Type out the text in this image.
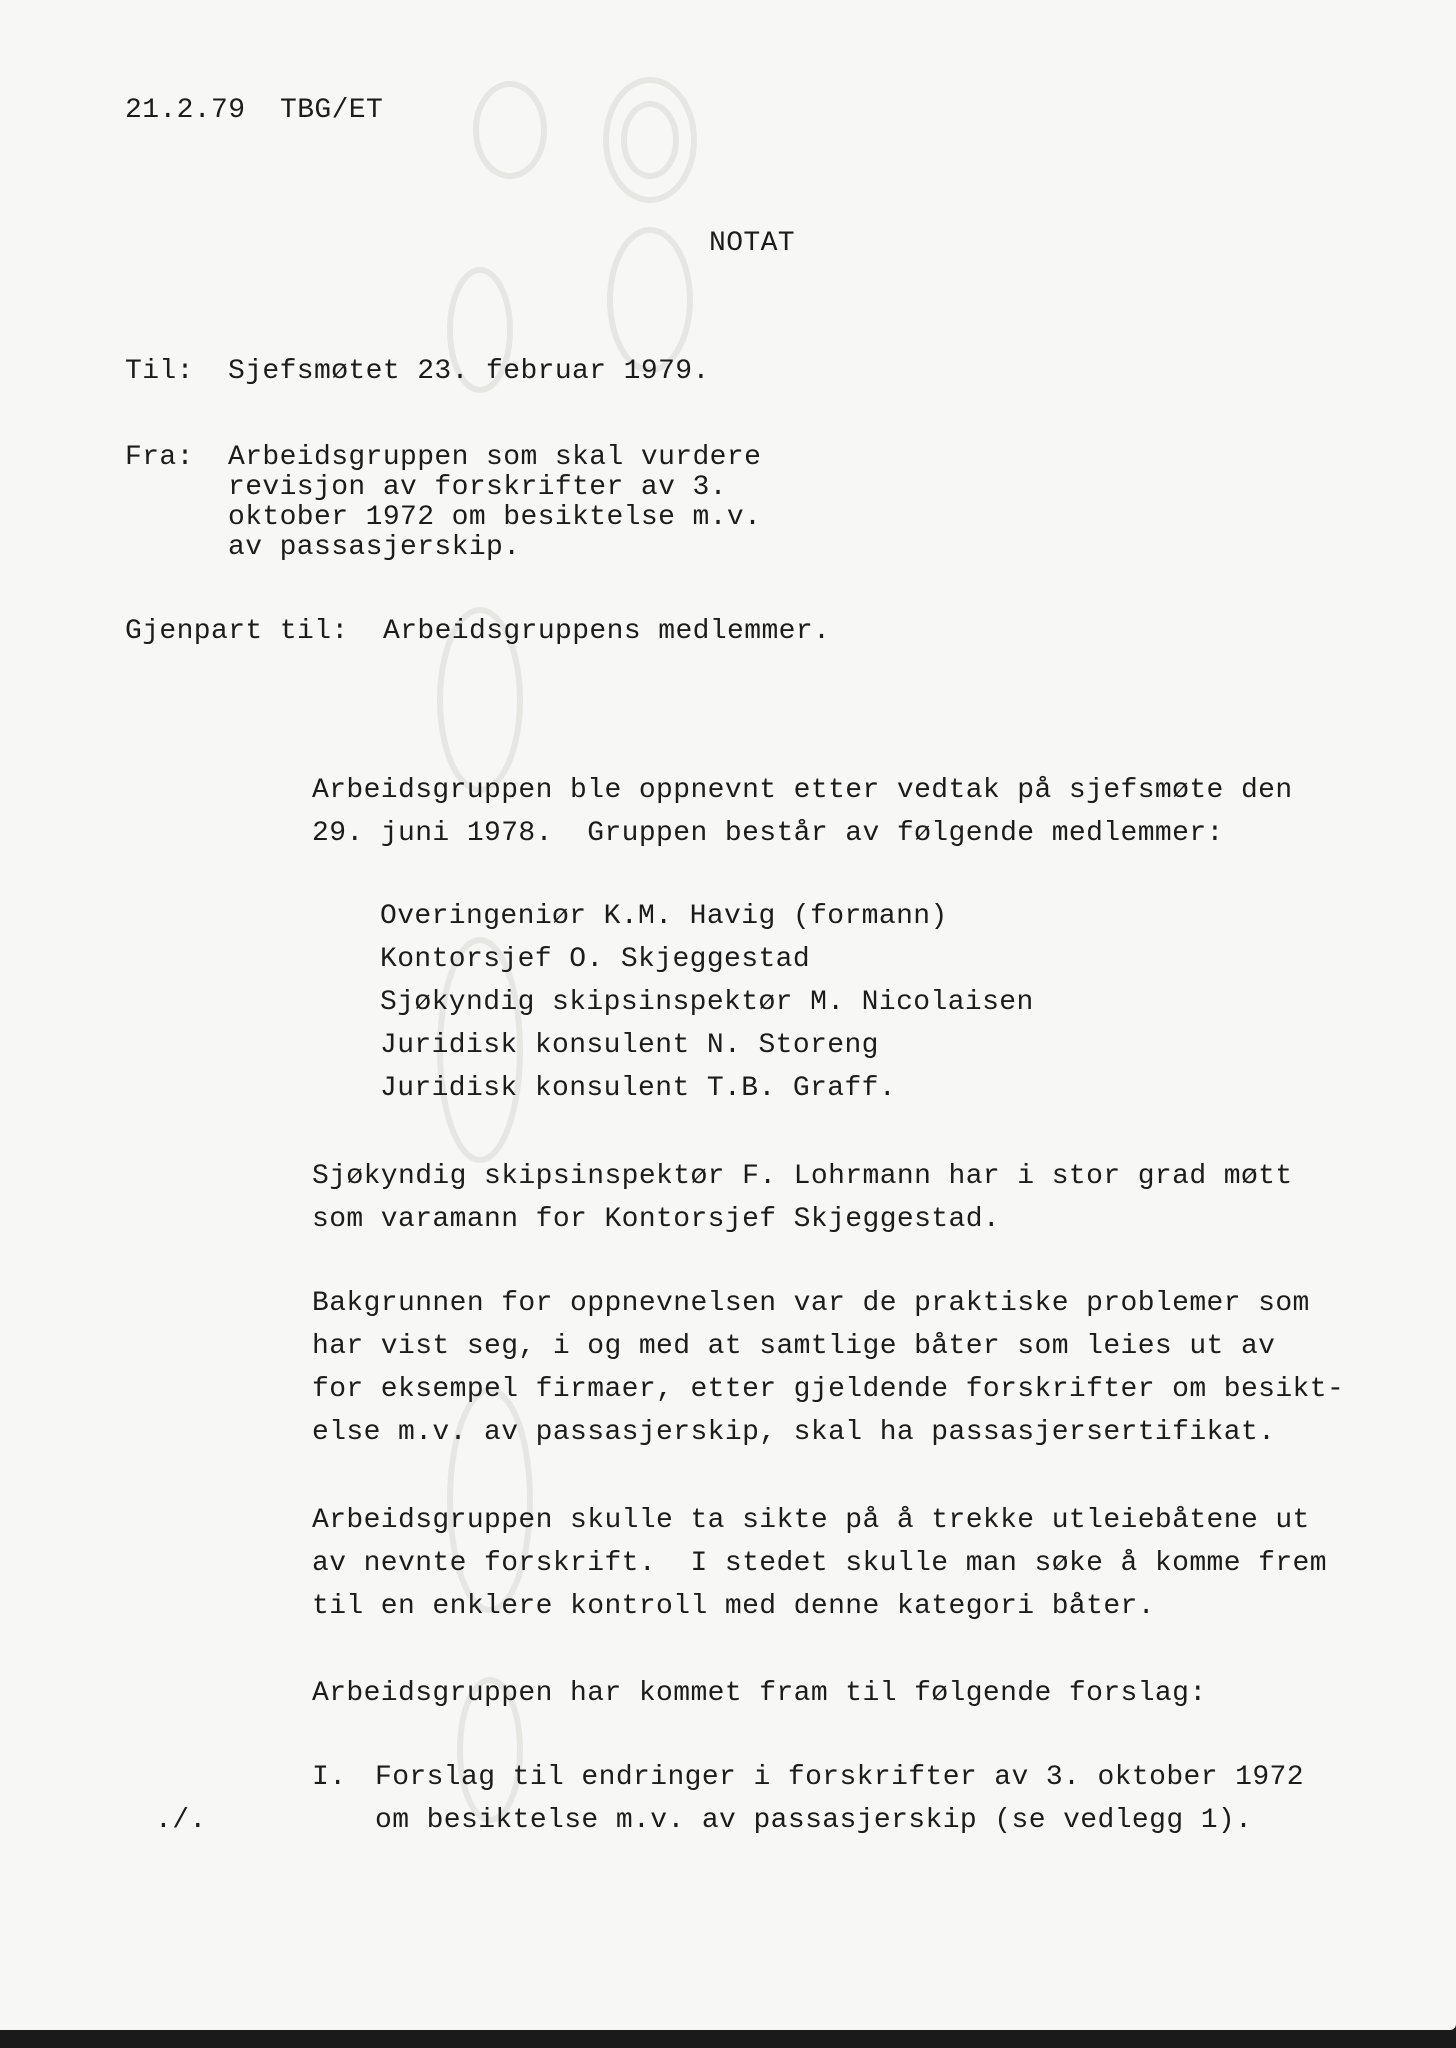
21.2.79 TBG/ET
NOTAT
Til: Sjefsmøtet 23. februar 1979.
Fra: Arbeidsgruppen som skal vurdere
revisjon av forskrifter av 3.
oktober 1972 om besiktelse m.v.
av passasjerskip.
Gjenpart til: Arbeidsgruppens medlemmer.
Arbeidsgruppen ble oppnevnt etter vedtak på sjefsmøte den
29. juni 1978.  Gruppen består av følgende medlemmer:
Overingeniør K.M. Havig (formann)
Kontorsjef O. Skjeggestad
Sjøkyndig skipsinspektør M. Nicolaisen
Juridisk konsulent N. Storeng
Juridisk konsulent T.B. Graff.
Sjøkyndig skipsinspektør F. Lohrmann har i stor grad møtt
som varamann for Kontorsjef Skjeggestad.
Bakgrunnen for oppnevnelsen var de praktiske problemer som
har vist seg, i og med at samtlige båter som leies ut av
for eksempel firmaer, etter gjeldende forskrifter om besikt-
else m.v. av passasjerskip, skal ha passasjersertifikat.
Arbeidsgruppen skulle ta sikte på å trekke utleiebåtene ut
av nevnte forskrift.  I stedet skulle man søke å komme frem
til en enklere kontroll med denne kategori båter.
Arbeidsgruppen har kommet fram til følgende forslag:
I. Forslag til endringer i forskrifter av 3. oktober 1972
om besiktelse m.v. av passasjerskip (se vedlegg 1).
./.
